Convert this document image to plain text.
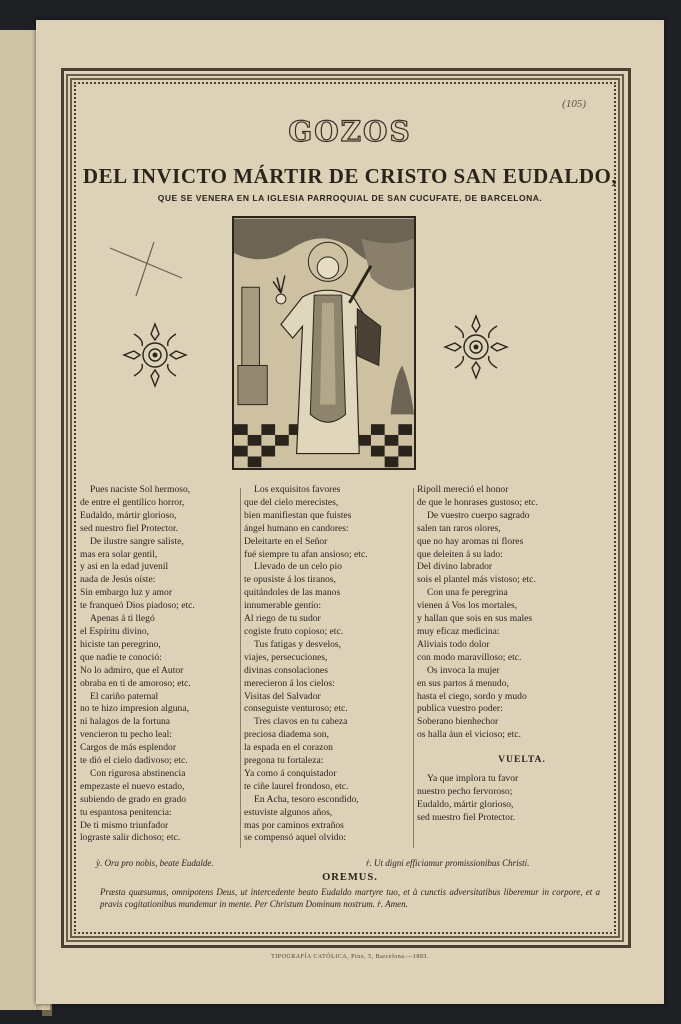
(105)
GOZOS
DEL INVICTO MÁRTIR DE CRISTO SAN EUDALDO,
QUE SE VENERA EN LA IGLESIA PARROQUIAL DE SAN CUCUFATE, DE BARCELONA.
Pues naciste Sol hermoso,
de entre el gentílico horror,
Eudaldo, mártir glorioso,
sed nuestro fiel Protector.
De ilustre sangre saliste,
mas era solar gentil,
y así en la edad juvenil
nada de Jesús oíste:
Sin embargo luz y amor
te franqueó Dios piadoso; etc.
Apenas á ti llegó
el Espíritu divino,
hiciste tan peregrino,
que nadie te conoció:
No lo admiro, que el Autor
obraba en ti de amoroso; etc.
El cariño paternal
no te hizo impresion alguna,
ni halagos de la fortuna
vencieron tu pecho leal:
Cargos de más esplendor
te dió el cielo dadivoso; etc.
Con rigurosa abstinencia
empezaste el nuevo estado,
subiendo de grado en grado
tu espantosa penitencia:
De ti mismo triunfador
lograste salir dichoso; etc.
Los exquisitos favores
que del cielo merecistes,
bien manifiestan que fuistes
ángel humano en candores:
Deleitarte en el Señor
fué siempre tu afan ansioso; etc.
Llevado de un celo pio
te opusiste á los tiranos,
quitándoles de las manos
innumerable gentío:
Al riego de tu sudor
cogiste fruto copioso; etc.
Tus fatigas y desvelos,
viajes, persecuciones,
divinas consolaciones
merecieron á los cielos:
Visitas del Salvador
conseguiste venturoso; etc.
Tres clavos en tu cabeza
preciosa diadema son,
la espada en el corazon
pregona tu fortaleza:
Ya como á conquistador
te ciñe laurel frondoso, etc.
En Acha, tesoro escondido,
estuviste algunos años,
mas por caminos extraños
se compensó aquel olvido:
Ripoll mereció el honor
de que le honrases gustoso; etc.
De vuestro cuerpo sagrado
salen tan raros olores,
que no hay aromas ni flores
que deleiten á su lado:
Del divino labrador
sois el plantel más vistoso; etc.
Con una fe peregrina
vienen á Vos los mortales,
y hallan que sois en sus males
muy eficaz medicina:
Aliviais todo dolor
con modo maravilloso; etc.
Os invoca la mujer
en sus partos á menudo,
hasta el ciego, sordo y mudo
publica vuestro poder:
Soberano bienhechor
os halla áun el vicioso; etc.
VUELTA.
Ya que implora tu favor
nuestro pecho fervoroso;
Eudaldo, mártir glorioso,
sed nuestro fiel Protector.
ỳ. Ora pro nobis, beate Eudalde.	ṙ. Ut digni efficiamur promissionibus Christi.
OREMUS.
Præsta quæsumus, omnipotens Deus, ut intercedente beato Eudaldo martyre tuo, et à cunctis adversitatibus liberemur in corpore, et a pravis cogitationibus mundemur in mente. Per Christum Dominum nostrum. ṙ. Amen.
TIPOGRAFÍA CATÓLICA, Pino, 5, Barcelona.—1883.
